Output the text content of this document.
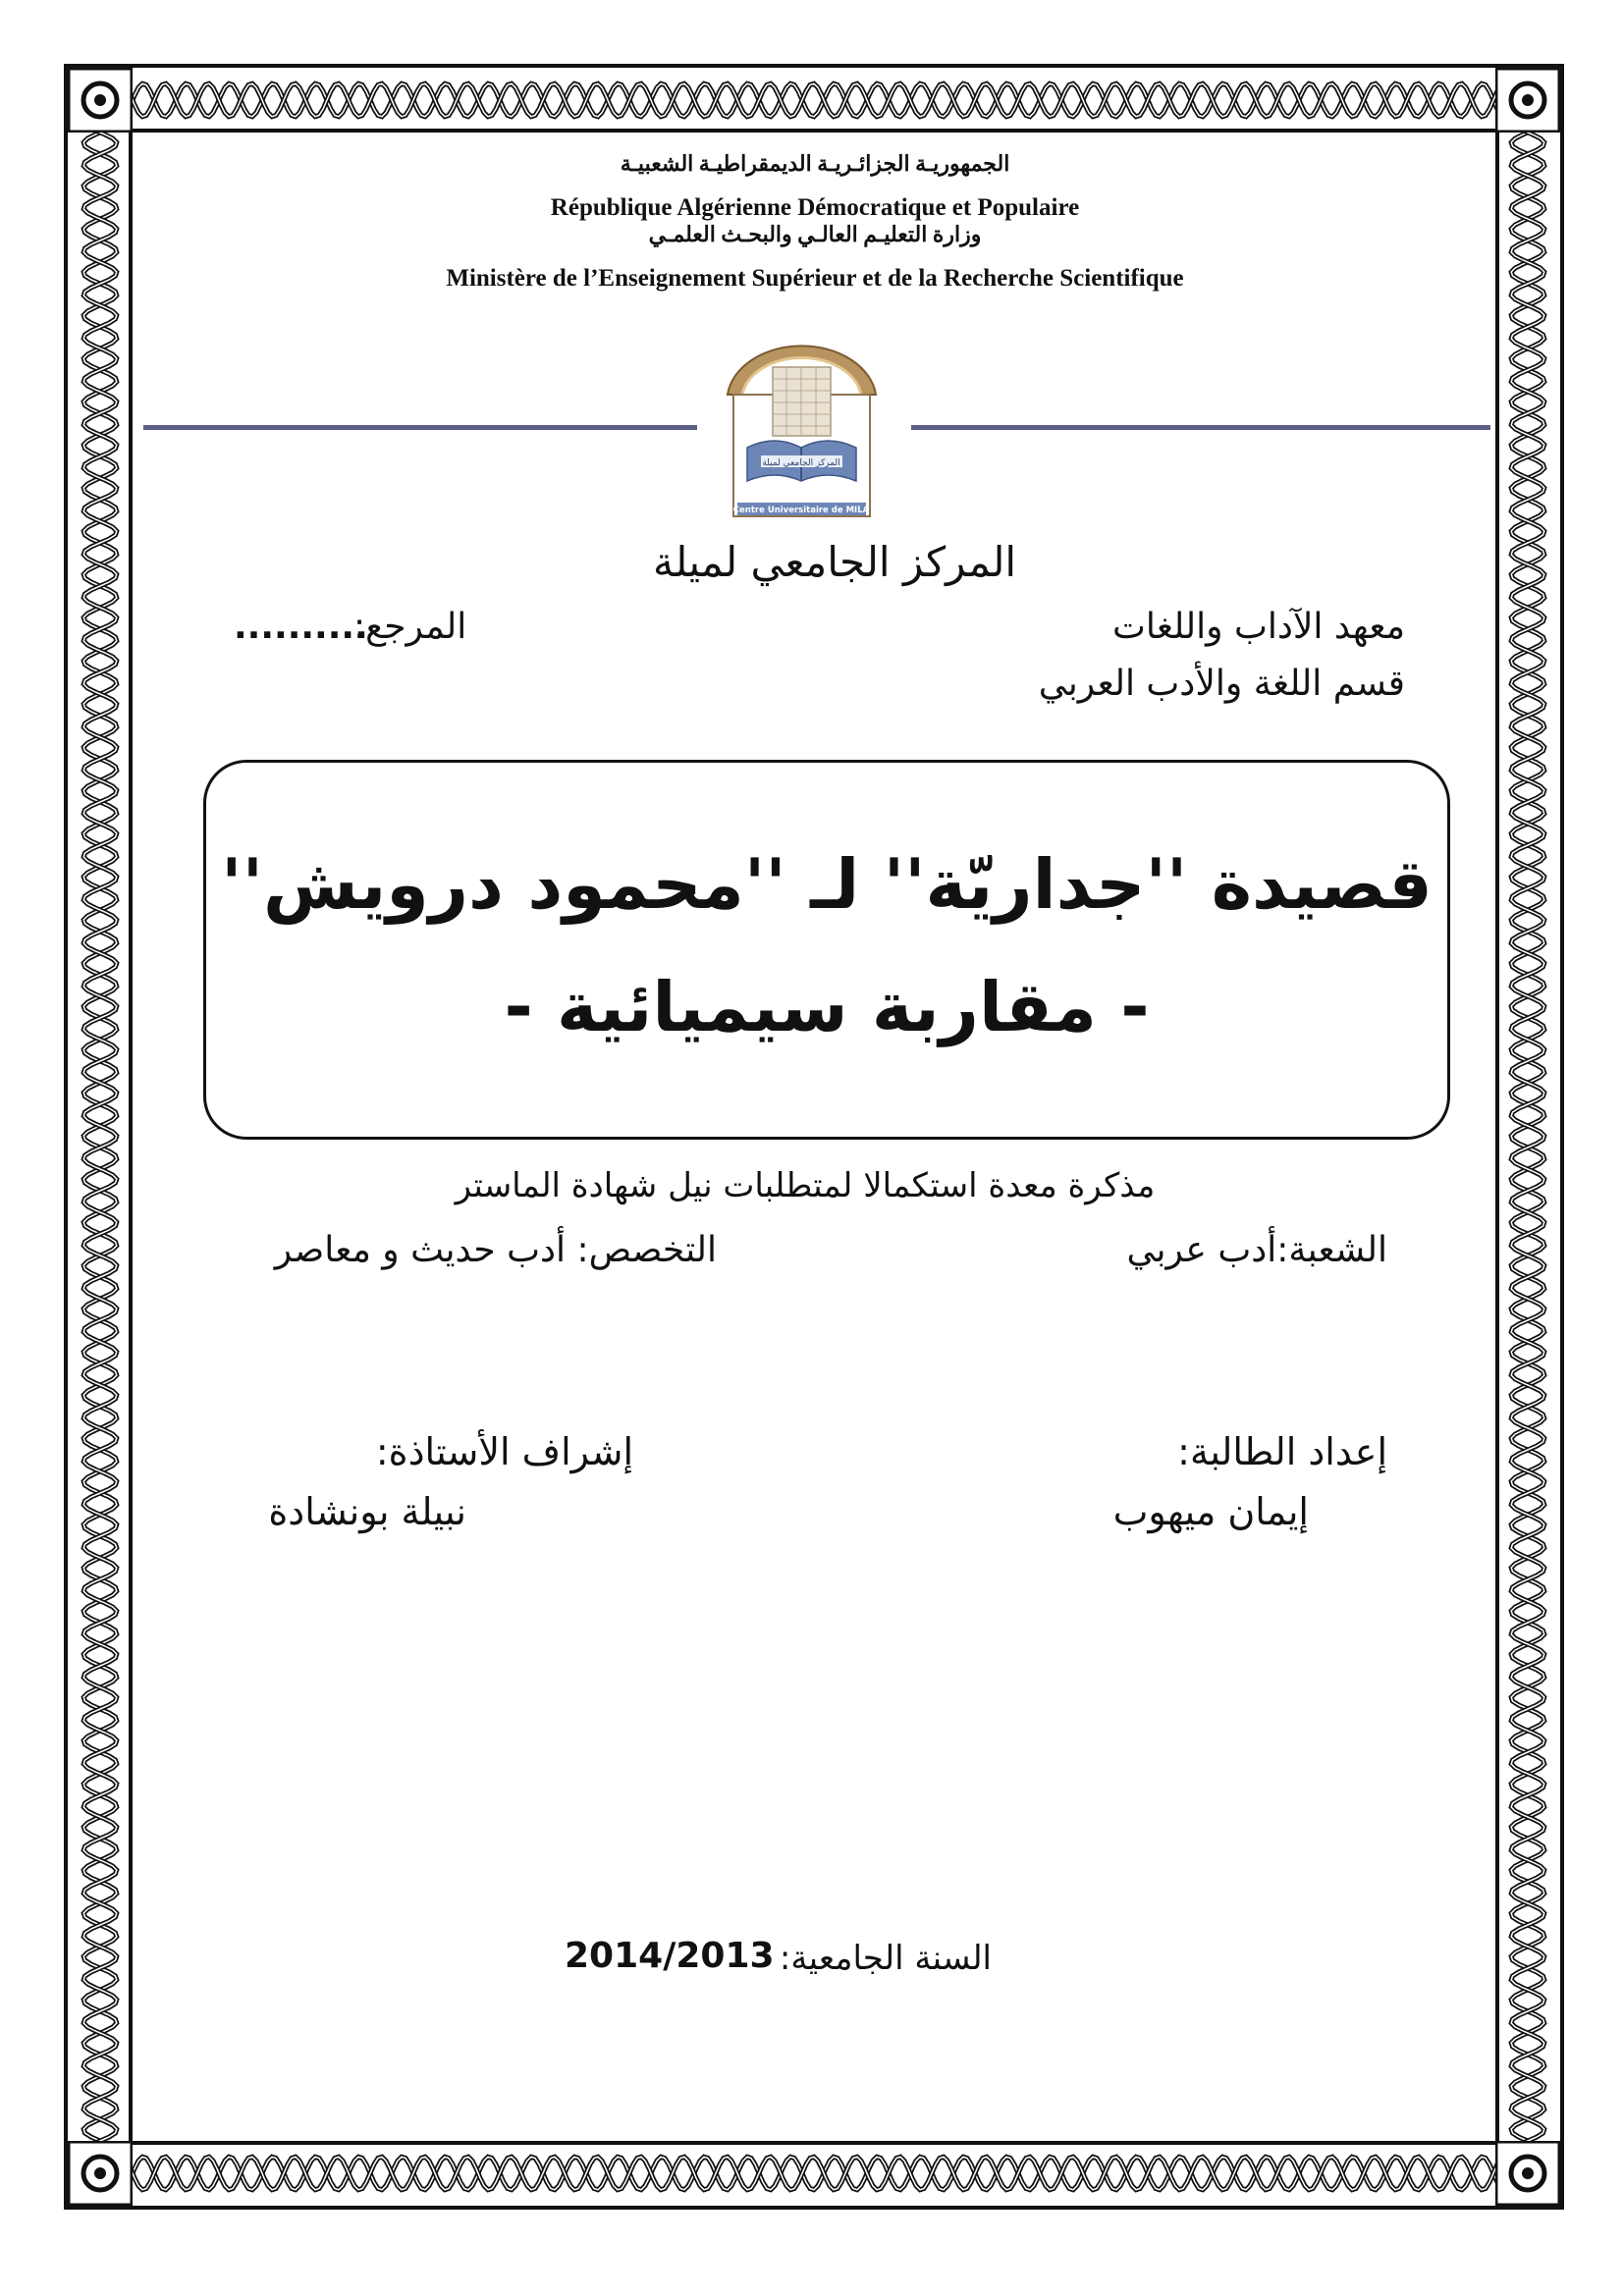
الجمهوريـة الجزائـريـة الديمقراطيـة الشعبيـة
République Algérienne Démocratique et Populaire
وزارة التعليـم العالـي والبحـث العلمـي
Ministère de l’Enseignement Supérieur et de la Recherche Scientifique
المركز الجامعي لميلة
Centre Universitaire de MILA
المركز الجامعي لميلة
معهد الآداب واللغات
قسم اللغة والأدب العربي
المرجع:
..........
قصيدة ''جداريّة'' لـ ''محمود درويش''
- مقاربة سيميائية -
مذكرة معدة استكمالا لمتطلبات نيل شهادة الماستر
الشعبة:أدب عربي
التخصص: أدب حديث و معاصر
إعداد الطالبة:
إيمان ميهوب
إشراف الأستاذة:
نبيلة بونشادة
السنة الجامعية:
2014/2013
